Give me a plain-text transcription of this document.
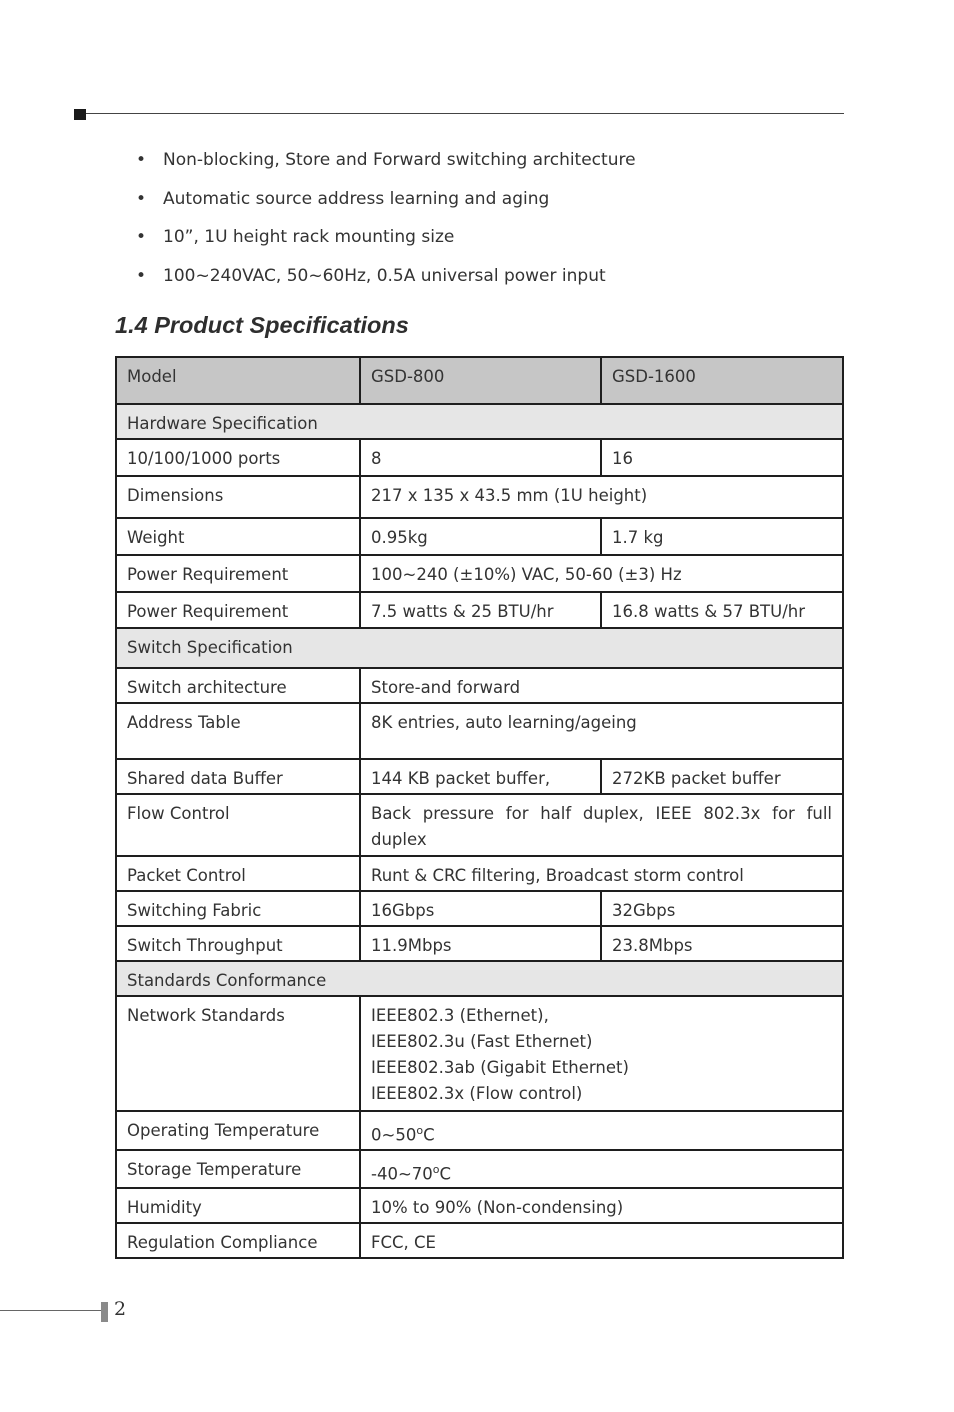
• Non-blocking, Store and Forward switching architecture
• Automatic source address learning and aging
• 10”, 1U height rack mounting size
• 100~240VAC, 50~60Hz, 0.5A universal power input
1.4 Product Specifications
Model	GSD-800	GSD-1600
Hardware Specification		
10/100/1000 ports	8	16
Dimensions	217 x 135 x 43.5 mm (1U height)	
Weight	0.95kg	1.7 kg
Power Requirement	100~240 (±10%) VAC, 50-60 (±3) Hz	
Power Requirement	7.5 watts & 25 BTU/hr	16.8 watts & 57 BTU/hr
Switch Specification		
Switch architecture	Store-and forward	
Address Table	8K entries, auto learning/ageing	
Shared data Buffer	144 KB packet buffer,	272KB packet buffer
Flow Control	Back pressure for half duplex, IEEE 802.3x for full duplex	
Packet Control	Runt & CRC filtering, Broadcast storm control	
Switching Fabric	16Gbps	32Gbps
Switch Throughput	11.9Mbps	23.8Mbps
Standards Conformance		
Network Standards	IEEE802.3 (Ethernet),
IEEE802.3u (Fast Ethernet)
IEEE802.3ab (Gigabit Ethernet)
IEEE802.3x (Flow control)	

Operating Temperature	0~50$^o$C	
Storage Temperature	-40~70$^o$C	
Humidity	10% to 90% (Non-condensing)	
Regulation Compliance	FCC, CE	
2
